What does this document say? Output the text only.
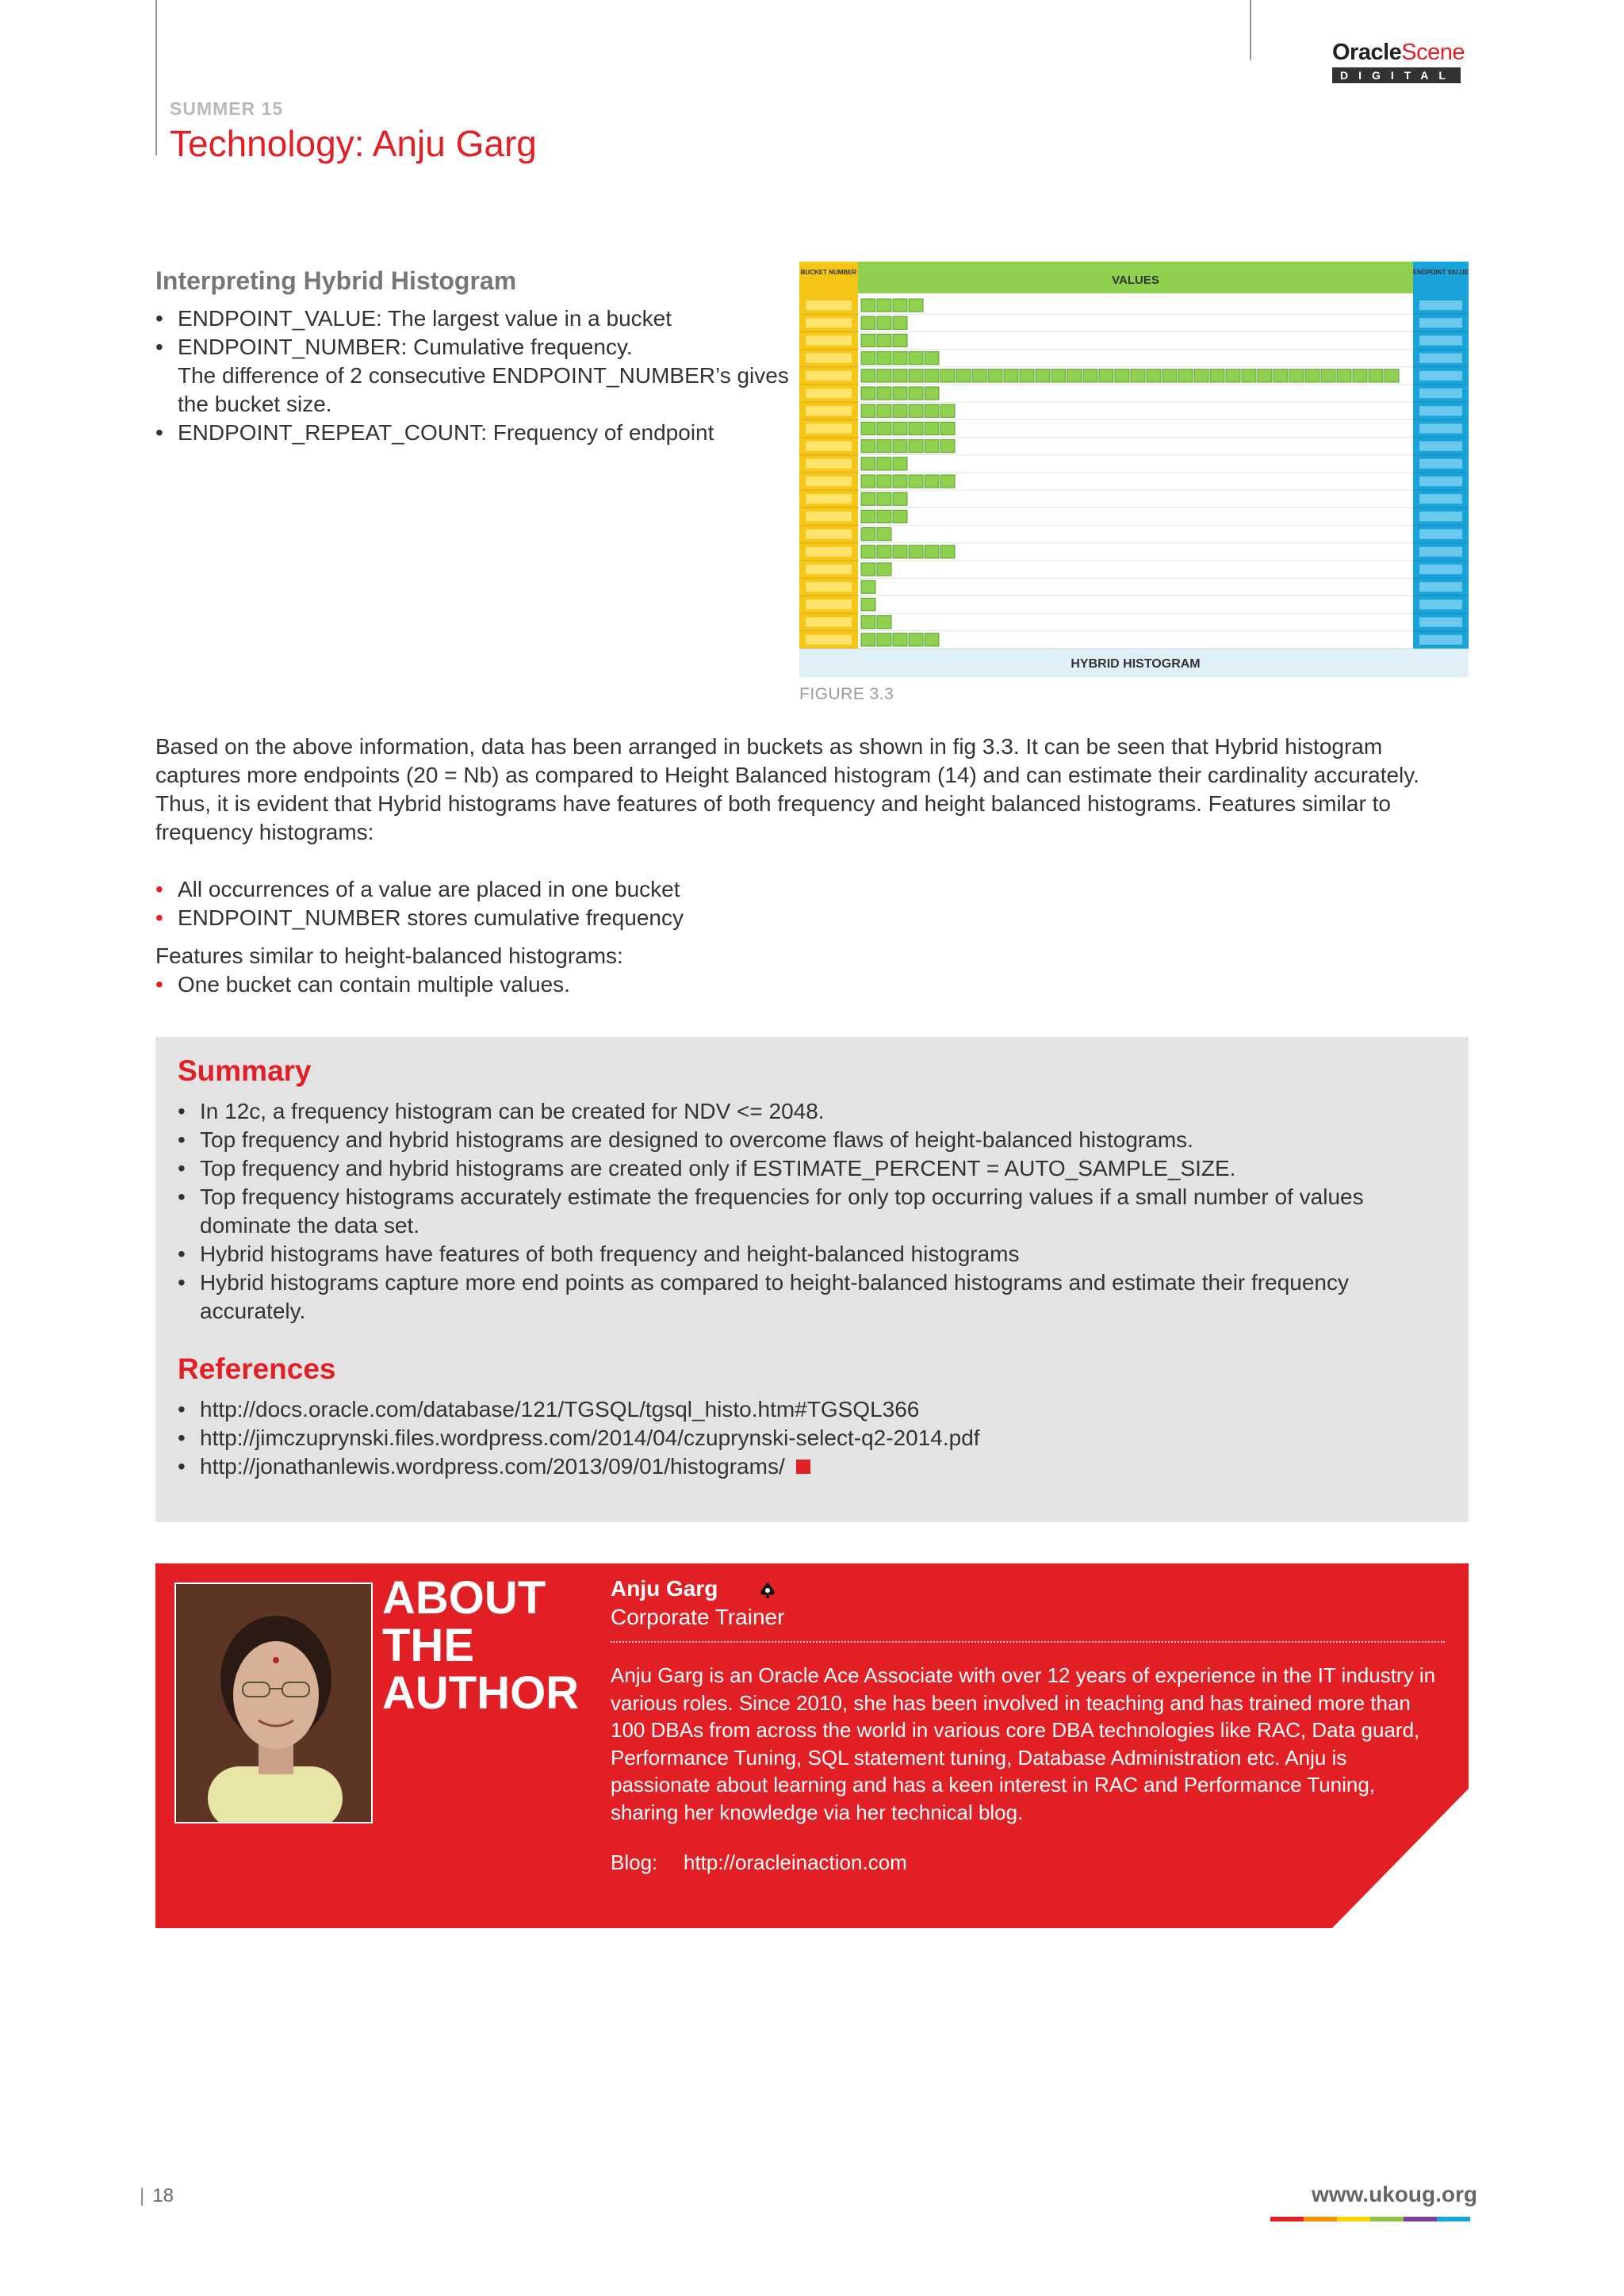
OracleScene
DIGITAL
SUMMER 15
Technology: Anju Garg
Interpreting Hybrid Histogram
• ENDPOINT_VALUE: The largest value in a bucket
• ENDPOINT_NUMBER: Cumulative frequency.
The difference of 2 consecutive ENDPOINT_NUMBER’s gives the bucket size.
• ENDPOINT_REPEAT_COUNT: Frequency of endpoint
BUCKET NUMBER
VALUES
ENDPOINT VALUE
HYBRID HISTOGRAM
FIGURE 3.3
Based on the above information, data has been arranged in buckets as shown in fig 3.3. It can be seen that Hybrid histogram captures more endpoints (20 = Nb) as compared to Height Balanced histogram (14) and can estimate their cardinality accurately. Thus, it is evident that Hybrid histograms have features of both frequency and height balanced histograms. Features similar to frequency histograms:
• All occurrences of a value are placed in one bucket
• ENDPOINT_NUMBER stores cumulative frequency
Features similar to height-balanced histograms:
• One bucket can contain multiple values.
Summary
• In 12c, a frequency histogram can be created for NDV <= 2048.
• Top frequency and hybrid histograms are designed to overcome flaws of height-balanced histograms.
• Top frequency and hybrid histograms are created only if ESTIMATE_PERCENT = AUTO_SAMPLE_SIZE.
• Top frequency histograms accurately estimate the frequencies for only top occurring values if a small number of values dominate the data set.
• Hybrid histograms have features of both frequency and height-balanced histograms
• Hybrid histograms capture more end points as compared to height-balanced histograms and estimate their frequency accurately.
References
• http://docs.oracle.com/database/121/TGSQL/tgsql_histo.htm#TGSQL366
• http://jimczuprynski.files.wordpress.com/2014/04/czuprynski-select-q2-2014.pdf
• http://jonathanlewis.wordpress.com/2013/09/01/histograms/
ABOUT
THE
AUTHOR
Anju Garg
Corporate Trainer
Anju Garg is an Oracle Ace Associate with over 12 years of experience in the IT industry in various roles. Since 2010, she has been involved in teaching and has trained more than 100 DBAs from across the world in various core DBA technologies like RAC, Data guard, Performance Tuning, SQL statement tuning, Database Administration etc. Anju is passionate about learning and has a keen interest in RAC and Performance Tuning, sharing her knowledge via her technical blog.
Blog: http://oracleinaction.com
| 18	www.ukoug.org
